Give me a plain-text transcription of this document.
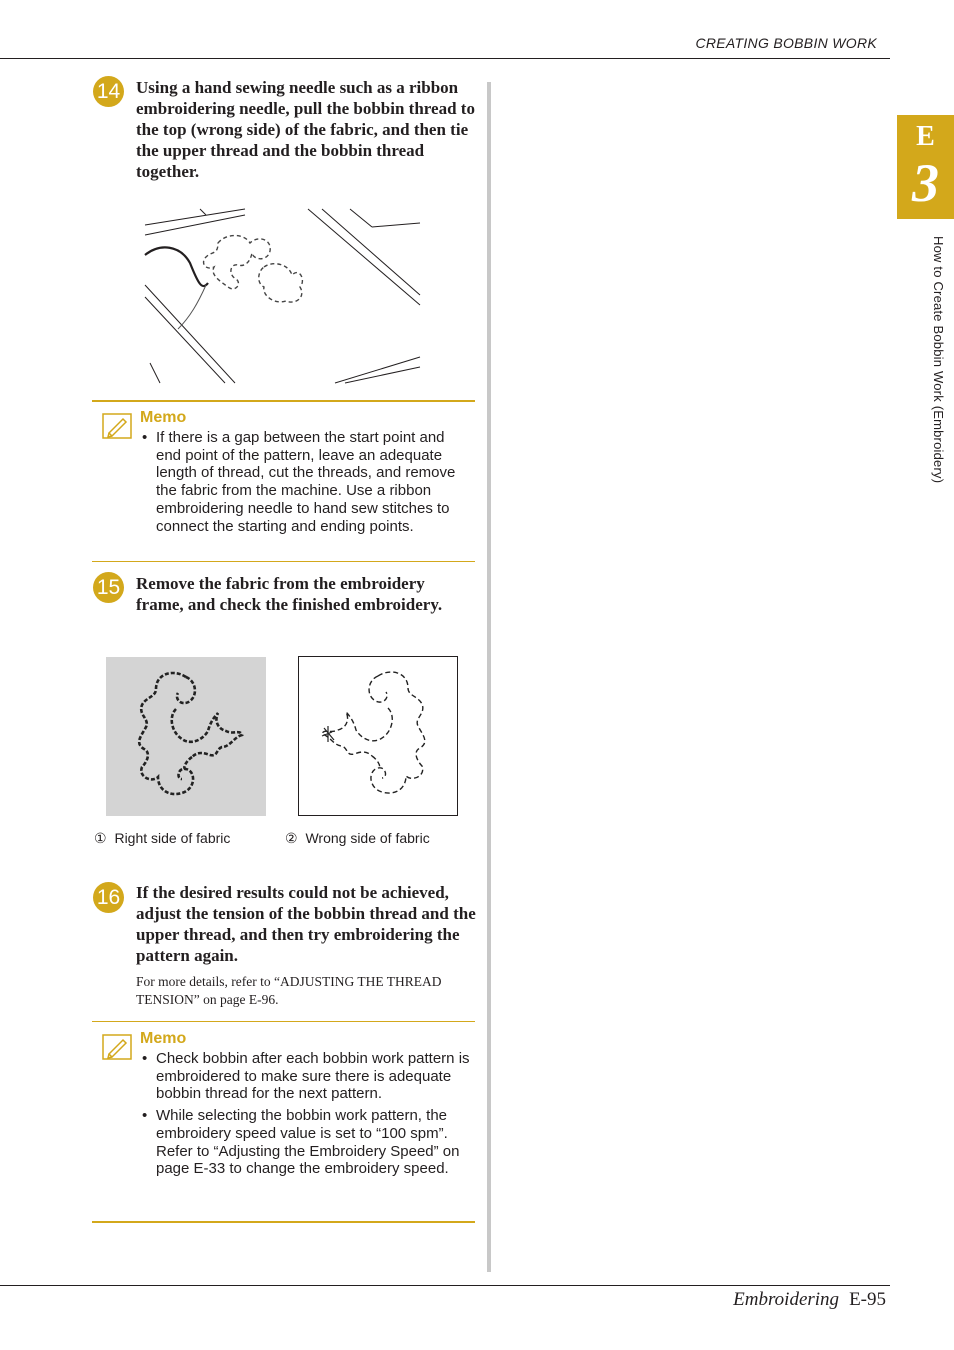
CREATING BOBBIN WORK
E
3
How to Create Bobbin Work (Embroidery)
14 Using a hand sewing needle such as a ribbon embroidering needle, pull the bobbin thread to the top (wrong side) of the fabric, and then tie the upper thread and the bobbin thread together.
Memo
• If there is a gap between the start point and end point of the pattern, leave an adequate length of thread, cut the threads, and remove the fabric from the machine. Use a ribbon embroidering needle to hand sew stitches to connect the starting and ending points.
15 Remove the fabric from the embroidery frame, and check the finished embroidery.
① Right side of fabric	② Wrong side of fabric
16 If the desired results could not be achieved, adjust the tension of the bobbin thread and the upper thread, and then try embroidering the pattern again.
For more details, refer to “ADJUSTING THE THREAD TENSION” on page E-96.
Memo
• Check bobbin after each bobbin work pattern is embroidered to make sure there is adequate bobbin thread for the next pattern.
• While selecting the bobbin work pattern, the embroidery speed value is set to “100 spm”. Refer to “Adjusting the Embroidery Speed” on page E-33 to change the embroidery speed.
Embroidering E-95
